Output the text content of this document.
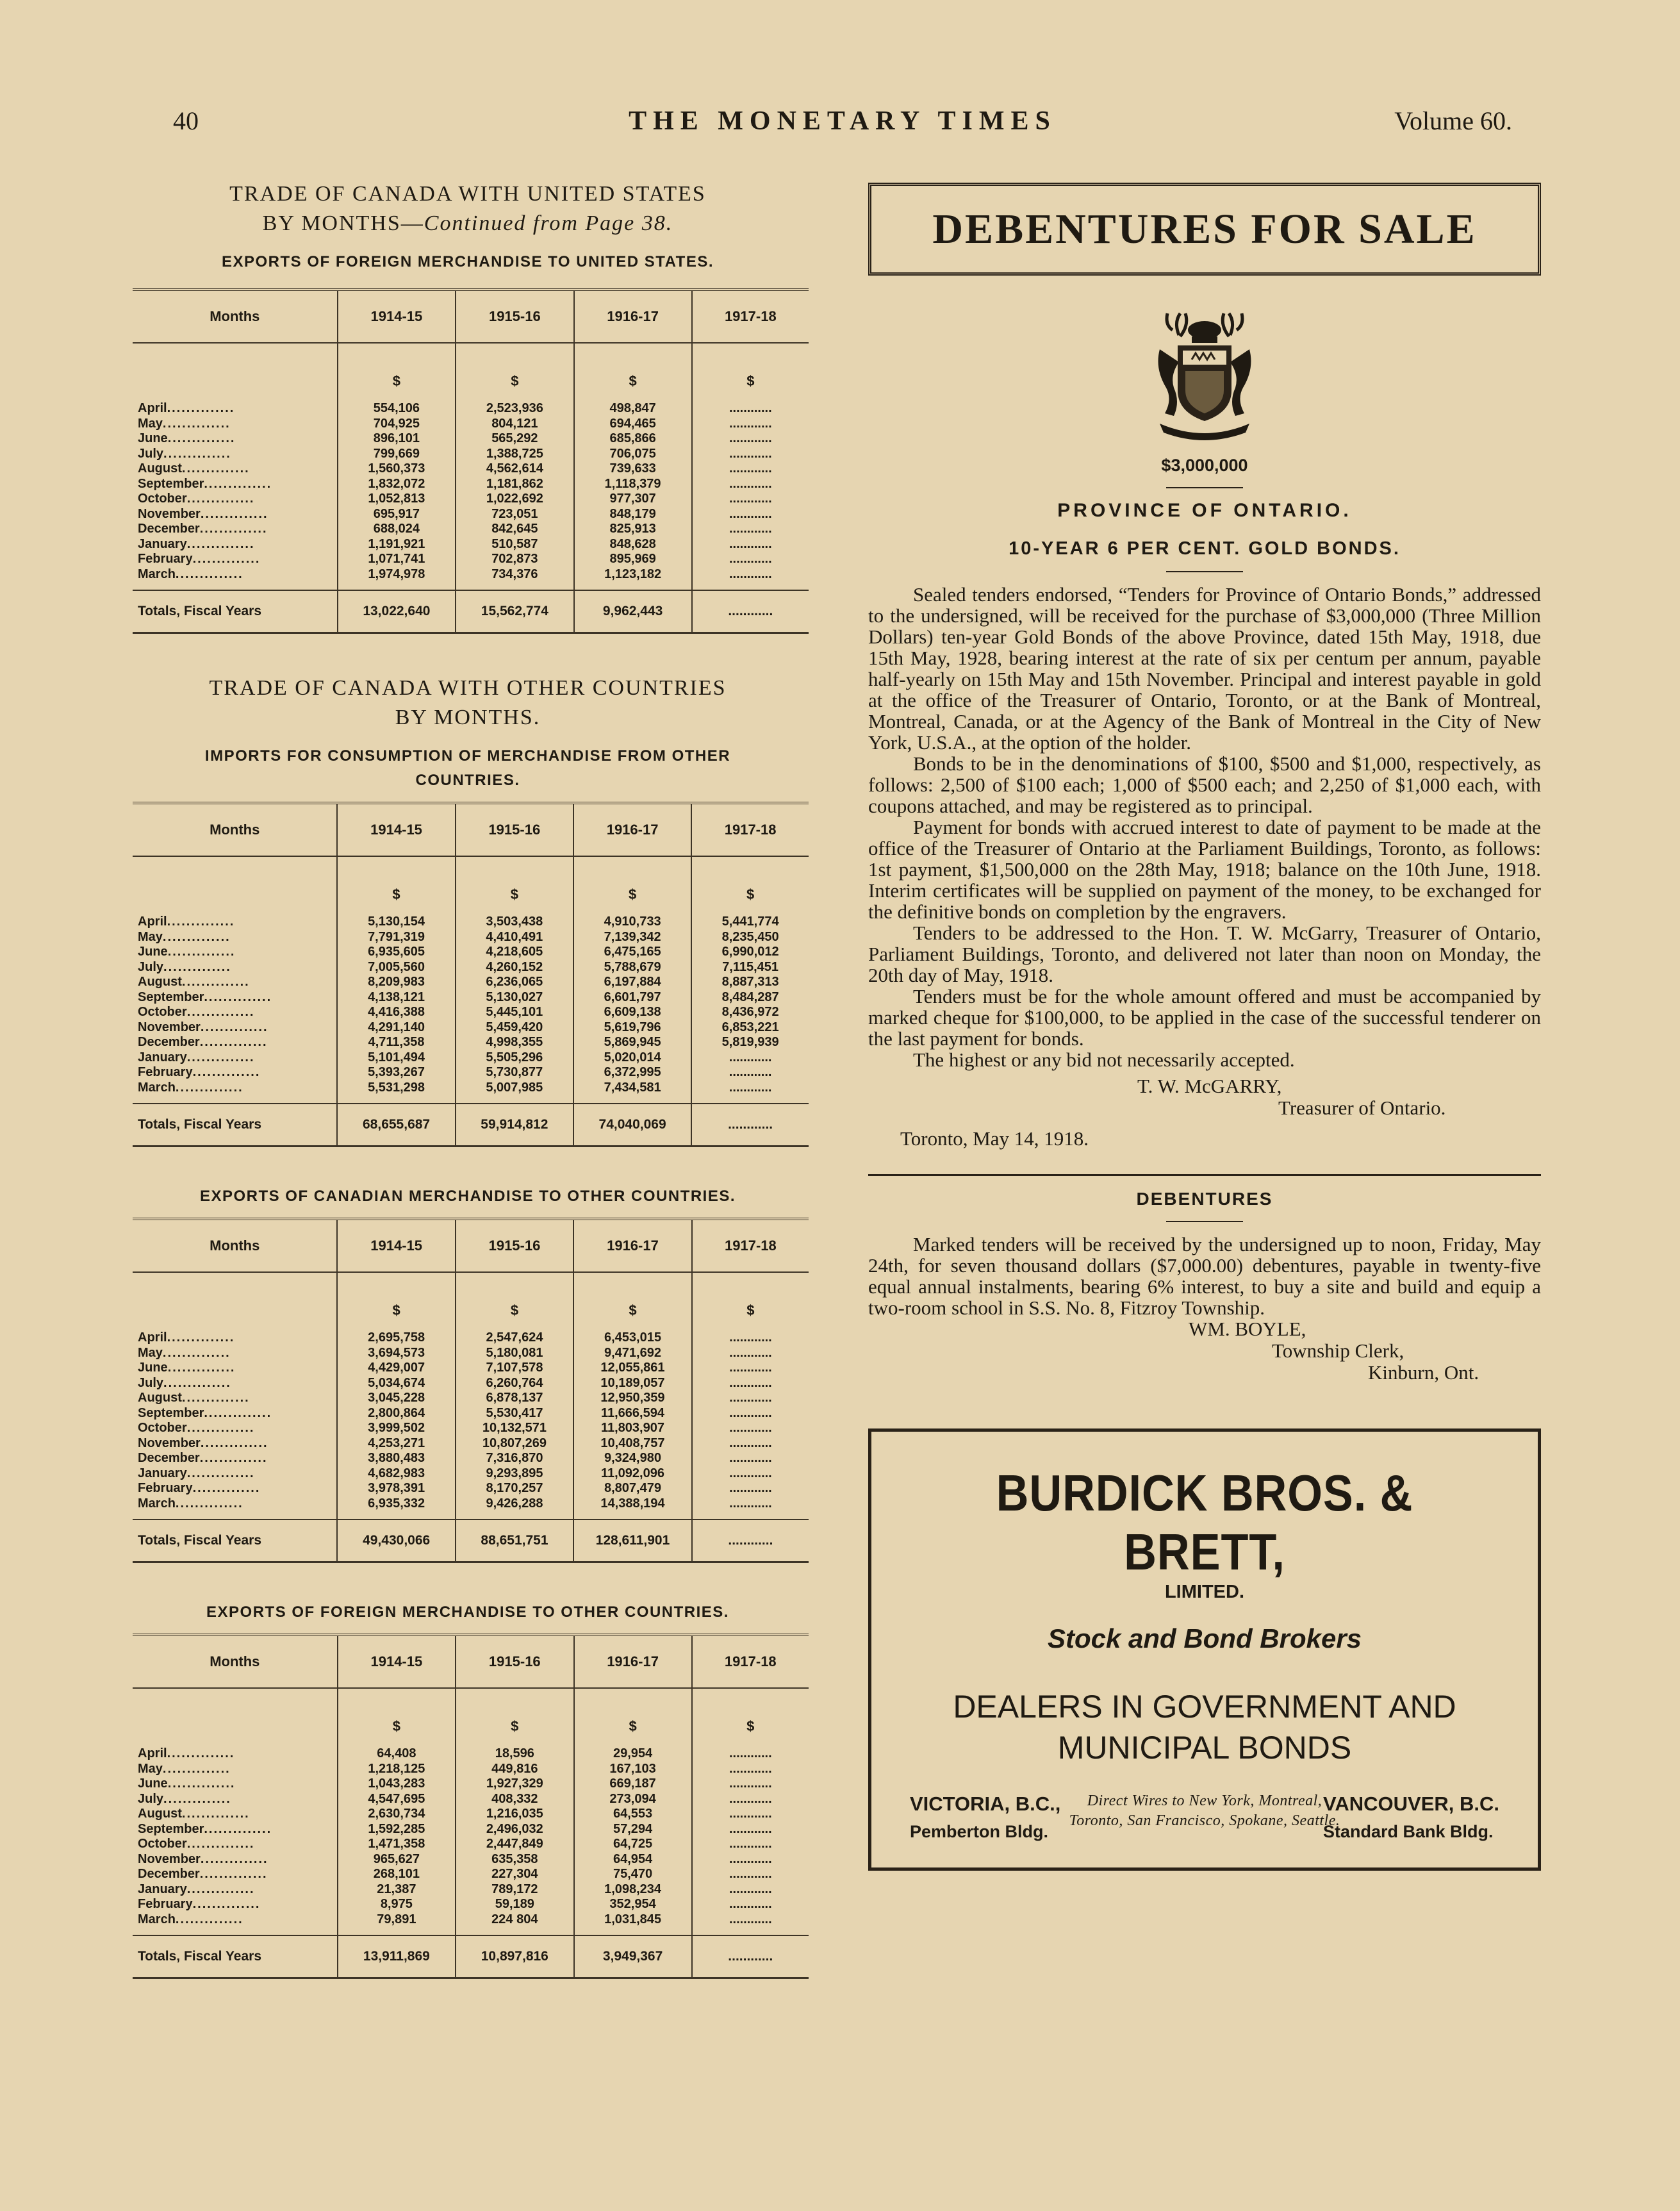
40	THE MONETARY TIMES	Volume 60.
TRADE OF CANADA WITH UNITED STATES
BY MONTHS—Continued from Page 38.
EXPORTS OF FOREIGN MERCHANDISE TO UNITED STATES.
Months	1914-15	1915-16	1916-17	1917-18
	$	$	$	$
April..............	554,106	2,523,936	498,847	............
May..............	704,925	804,121	694,465	............
June..............	896,101	565,292	685,866	............
July..............	799,669	1,388,725	706,075	............
August..............	1,560,373	4,562,614	739,633	............
September..............	1,832,072	1,181,862	1,118,379	............
October..............	1,052,813	1,022,692	977,307	............
November..............	695,917	723,051	848,179	............
December..............	688,024	842,645	825,913	............
January..............	1,191,921	510,587	848,628	............
February..............	1,071,741	702,873	895,969	............
March..............	1,974,978	734,376	1,123,182	............
Totals, Fiscal Years	13,022,640	15,562,774	9,962,443	............
TRADE OF CANADA WITH OTHER COUNTRIES
BY MONTHS.
IMPORTS FOR CONSUMPTION OF MERCHANDISE FROM OTHER
COUNTRIES.
Months	1914-15	1915-16	1916-17	1917-18
	$	$	$	$
April..............	5,130,154	3,503,438	4,910,733	5,441,774
May..............	7,791,319	4,410,491	7,139,342	8,235,450
June..............	6,935,605	4,218,605	6,475,165	6,990,012
July..............	7,005,560	4,260,152	5,788,679	7,115,451
August..............	8,209,983	6,236,065	6,197,884	8,887,313
September..............	4,138,121	5,130,027	6,601,797	8,484,287
October..............	4,416,388	5,445,101	6,609,138	8,436,972
November..............	4,291,140	5,459,420	5,619,796	6,853,221
December..............	4,711,358	4,998,355	5,869,945	5,819,939
January..............	5,101,494	5,505,296	5,020,014	............
February..............	5,393,267	5,730,877	6,372,995	............
March..............	5,531,298	5,007,985	7,434,581	............
Totals, Fiscal Years	68,655,687	59,914,812	74,040,069	............
EXPORTS OF CANADIAN MERCHANDISE TO OTHER COUNTRIES.
Months	1914-15	1915-16	1916-17	1917-18
	$	$	$	$
April..............	2,695,758	2,547,624	6,453,015	............
May..............	3,694,573	5,180,081	9,471,692	............
June..............	4,429,007	7,107,578	12,055,861	............
July..............	5,034,674	6,260,764	10,189,057	............
August..............	3,045,228	6,878,137	12,950,359	............
September..............	2,800,864	5,530,417	11,666,594	............
October..............	3,999,502	10,132,571	11,803,907	............
November..............	4,253,271	10,807,269	10,408,757	............
December..............	3,880,483	7,316,870	9,324,980	............
January..............	4,682,983	9,293,895	11,092,096	............
February..............	3,978,391	8,170,257	8,807,479	............
March..............	6,935,332	9,426,288	14,388,194	............
Totals, Fiscal Years	49,430,066	88,651,751	128,611,901	............
EXPORTS OF FOREIGN MERCHANDISE TO OTHER COUNTRIES.
Months	1914-15	1915-16	1916-17	1917-18
	$	$	$	$
April..............	64,408	18,596	29,954	............
May..............	1,218,125	449,816	167,103	............
June..............	1,043,283	1,927,329	669,187	............
July..............	4,547,695	408,332	273,094	............
August..............	2,630,734	1,216,035	64,553	............
September..............	1,592,285	2,496,032	57,294	............
October..............	1,471,358	2,447,849	64,725	............
November..............	965,627	635,358	64,954	............
December..............	268,101	227,304	75,470	............
January..............	21,387	789,172	1,098,234	............
February..............	8,975	59,189	352,954	............
March..............	79,891	224 804	1,031,845	............
Totals, Fiscal Years	13,911,869	10,897,816	3,949,367	............
DEBENTURES FOR SALE
$3,000,000
PROVINCE OF ONTARIO.
10-YEAR 6 PER CENT. GOLD BONDS.

Sealed tenders endorsed, “Tenders for Province of Ontario Bonds,” addressed to the undersigned, will be received for the purchase of $3,000,000 (Three Million Dollars) ten-year Gold Bonds of the above Province, dated 15th May, 1918, due 15th May, 1928, bearing interest at the rate of six per centum per annum, payable half-yearly on 15th May and 15th November. Principal and interest payable in gold at the office of the Treasurer of Ontario, Toronto, or at the Bank of Montreal, Montreal, Canada, or at the Agency of the Bank of Montreal in the City of New York, U.S.A., at the option of the holder.

Bonds to be in the denominations of $100, $500 and $1,000, respectively, as follows: 2,500 of $100 each; 1,000 of $500 each; and 2,250 of $1,000 each, with coupons attached, and may be registered as to principal.

Payment for bonds with accrued interest to date of payment to be made at the office of the Treasurer of Ontario at the Parliament Buildings, Toronto, as follows: 1st payment, $1,500,000 on the 28th May, 1918; balance on the 10th June, 1918. Interim certificates will be supplied on payment of the money, to be exchanged for the definitive bonds on completion by the engravers.

Tenders to be addressed to the Hon. T. W. McGarry, Treasurer of Ontario, Parliament Buildings, Toronto, and delivered not later than noon on Monday, the 20th day of May, 1918.

Tenders must be for the whole amount offered and must be accompanied by marked cheque for $100,000, to be applied in the case of the successful tenderer on the last payment for bonds.

The highest or any bid not necessarily accepted.

T. W. McGARRY,
Treasurer of Ontario.
Toronto, May 14, 1918.
DEBENTURES

Marked tenders will be received by the undersigned up to noon, Friday, May 24th, for seven thousand dollars ($7,000.00) debentures, payable in twenty-five equal annual instalments, bearing 6% interest, to buy a site and build and equip a two-room school in S.S. No. 8, Fitzroy Township.

WM. BOYLE,
Township Clerk,
Kinburn, Ont.
BURDICK BROS. & BRETT,
LIMITED.
Stock and Bond Brokers
DEALERS IN GOVERNMENT AND
MUNICIPAL BONDS
Direct Wires to New York, Montreal,
Toronto, San Francisco, Spokane, Seattle.
VICTORIA, B.C.,
Pemberton Bldg.
VANCOUVER, B.C.
Standard Bank Bldg.
